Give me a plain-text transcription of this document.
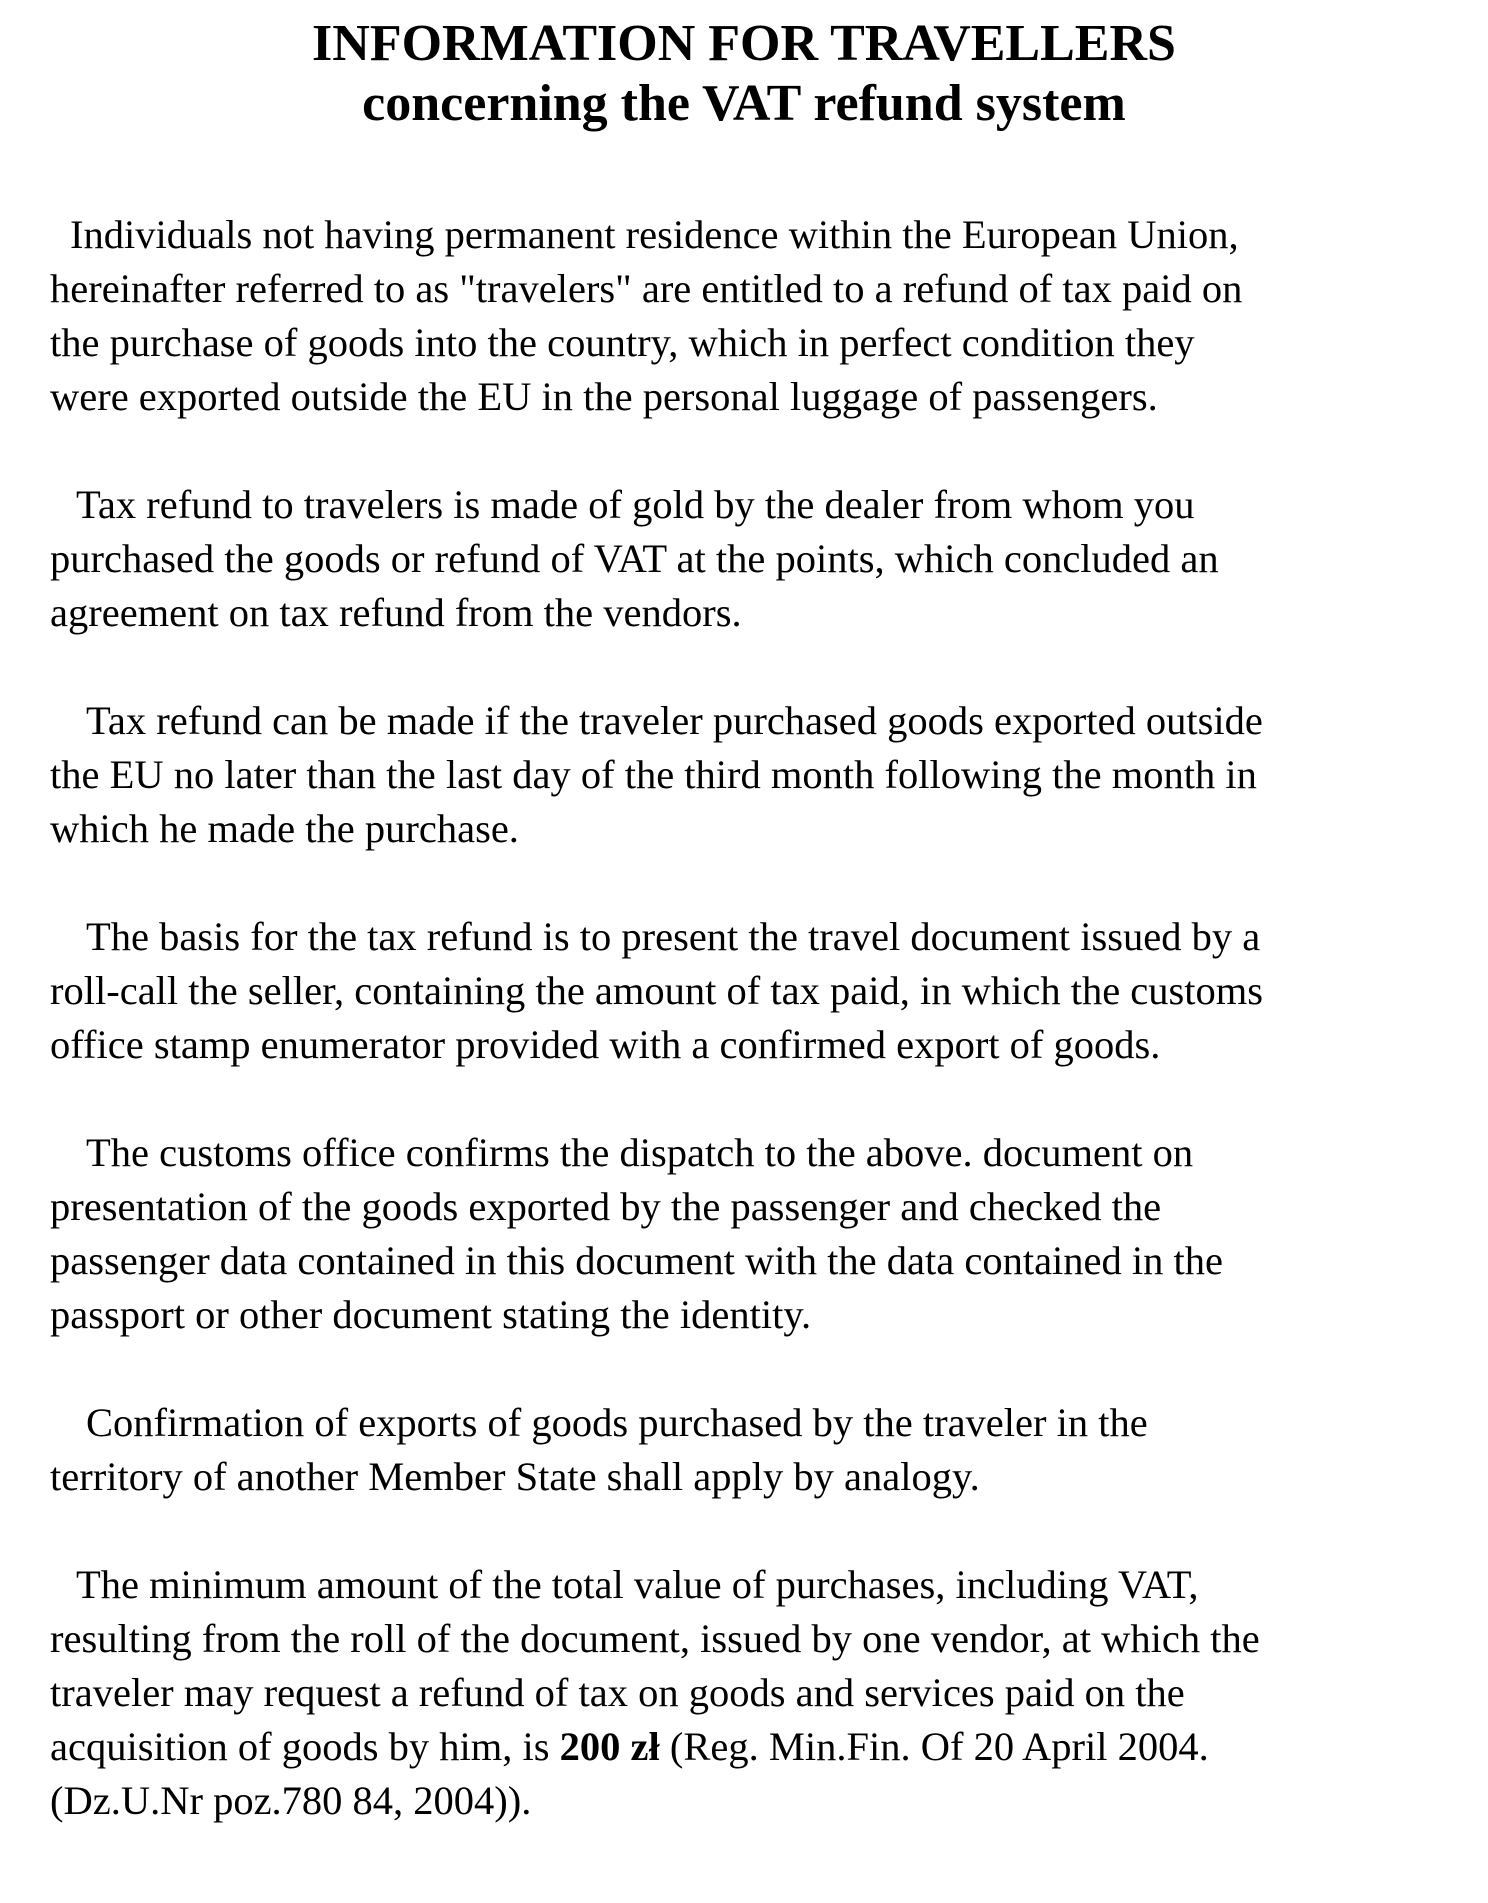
INFORMATION FOR TRAVELLERS
concerning the VAT refund system
Individuals not having permanent residence within the European Union,
hereinafter referred to as "travelers" are entitled to a refund of tax paid on
the purchase of goods into the country, which in perfect condition they
were exported outside the EU in the personal luggage of passengers.
Tax refund to travelers is made of gold by the dealer from whom you
purchased the goods or refund of VAT at the points, which concluded an
agreement on tax refund from the vendors.
Tax refund can be made if the traveler purchased goods exported outside
the EU no later than the last day of the third month following the month in
which he made the purchase.
The basis for the tax refund is to present the travel document issued by a
roll-call the seller, containing the amount of tax paid, in which the customs
office stamp enumerator provided with a confirmed export of goods.
The customs office confirms the dispatch to the above. document on
presentation of the goods exported by the passenger and checked the
passenger data contained in this document with the data contained in the
passport or other document stating the identity.
Confirmation of exports of goods purchased by the traveler in the
territory of another Member State shall apply by analogy.
The minimum amount of the total value of purchases, including VAT,
resulting from the roll of the document, issued by one vendor, at which the
traveler may request a refund of tax on goods and services paid on the
acquisition of goods by him, is 200 zł (Reg. Min.Fin. Of 20 April 2004.
(Dz.U.Nr poz.780 84, 2004)).
